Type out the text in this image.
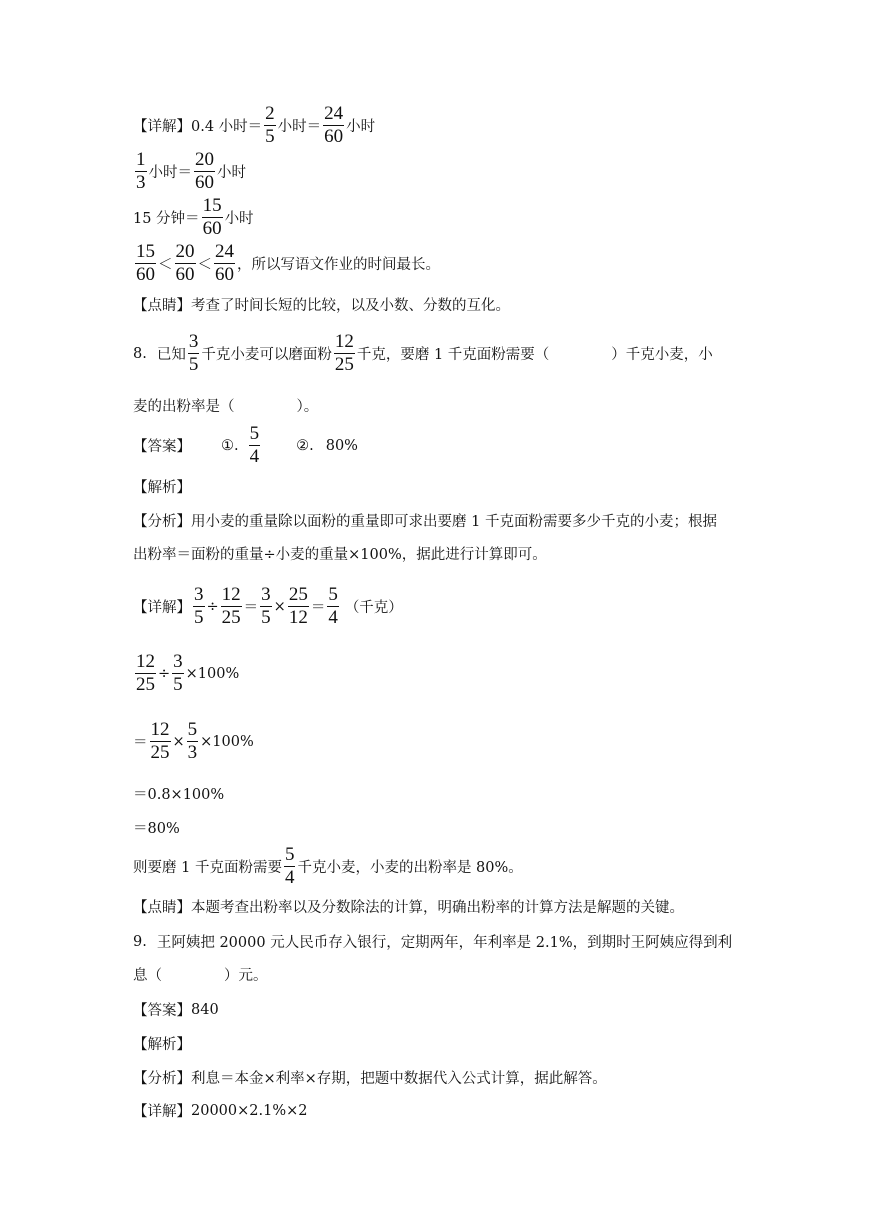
【详解】 0.4 小时＝ $\frac{2}{5}$ 小时＝ $\frac{24}{60}$ 小时
$\frac{1}{3}$ 小时＝ $\frac{20}{60}$ 小时
15 分钟＝ $\frac{15}{60}$ 小时
$\frac{15}{60} < \frac{20}{60} < \frac{24}{60}$ ，所以写语文作业的时间最长。
【点睛】 考查了时间长短的比较，以及小数、分数的互化。
8. 已知 $\frac{3}{5}$ 千克小麦可以磨面粉 $\frac{12}{25}$ 千克，要磨 1 千克面粉需要（	）千克小麦，小
麦的出粉率是（	）。
【答案】 ①. $\frac{5}{4}$ ②. 80%
【解析】
【分析】 用小麦的重量除以面粉的重量即可求出要磨 1 千克面粉需要多少千克的小麦；根据
出粉率＝面粉的重量÷小麦的重量×100%，据此进行计算即可。
【详解】 $\frac{3}{5} \div \frac{12}{25} = \frac{3}{5} \times \frac{25}{12} = \frac{5}{4}$ （千克）
$\frac{12}{25} \div \frac{3}{5} \times 100\%$
＝ $\frac{12}{25} \times \frac{5}{3} \times 100\%$
＝0.8×100%
＝80%
则要磨 1 千克面粉需要 $\frac{5}{4}$ 千克小麦，小麦的出粉率是 80%。
【点睛】 本题考查出粉率以及分数除法的计算，明确出粉率的计算方法是解题的关键。
9. 王阿姨把 20000 元人民币存入银行，定期两年，年利率是 2.1%，到期时王阿姨应得到利
息（	）元。
【答案】 840
【解析】
【分析】 利息＝本金×利率×存期，把题中数据代入公式计算，据此解答。
【详解】 20000×2.1%×2
